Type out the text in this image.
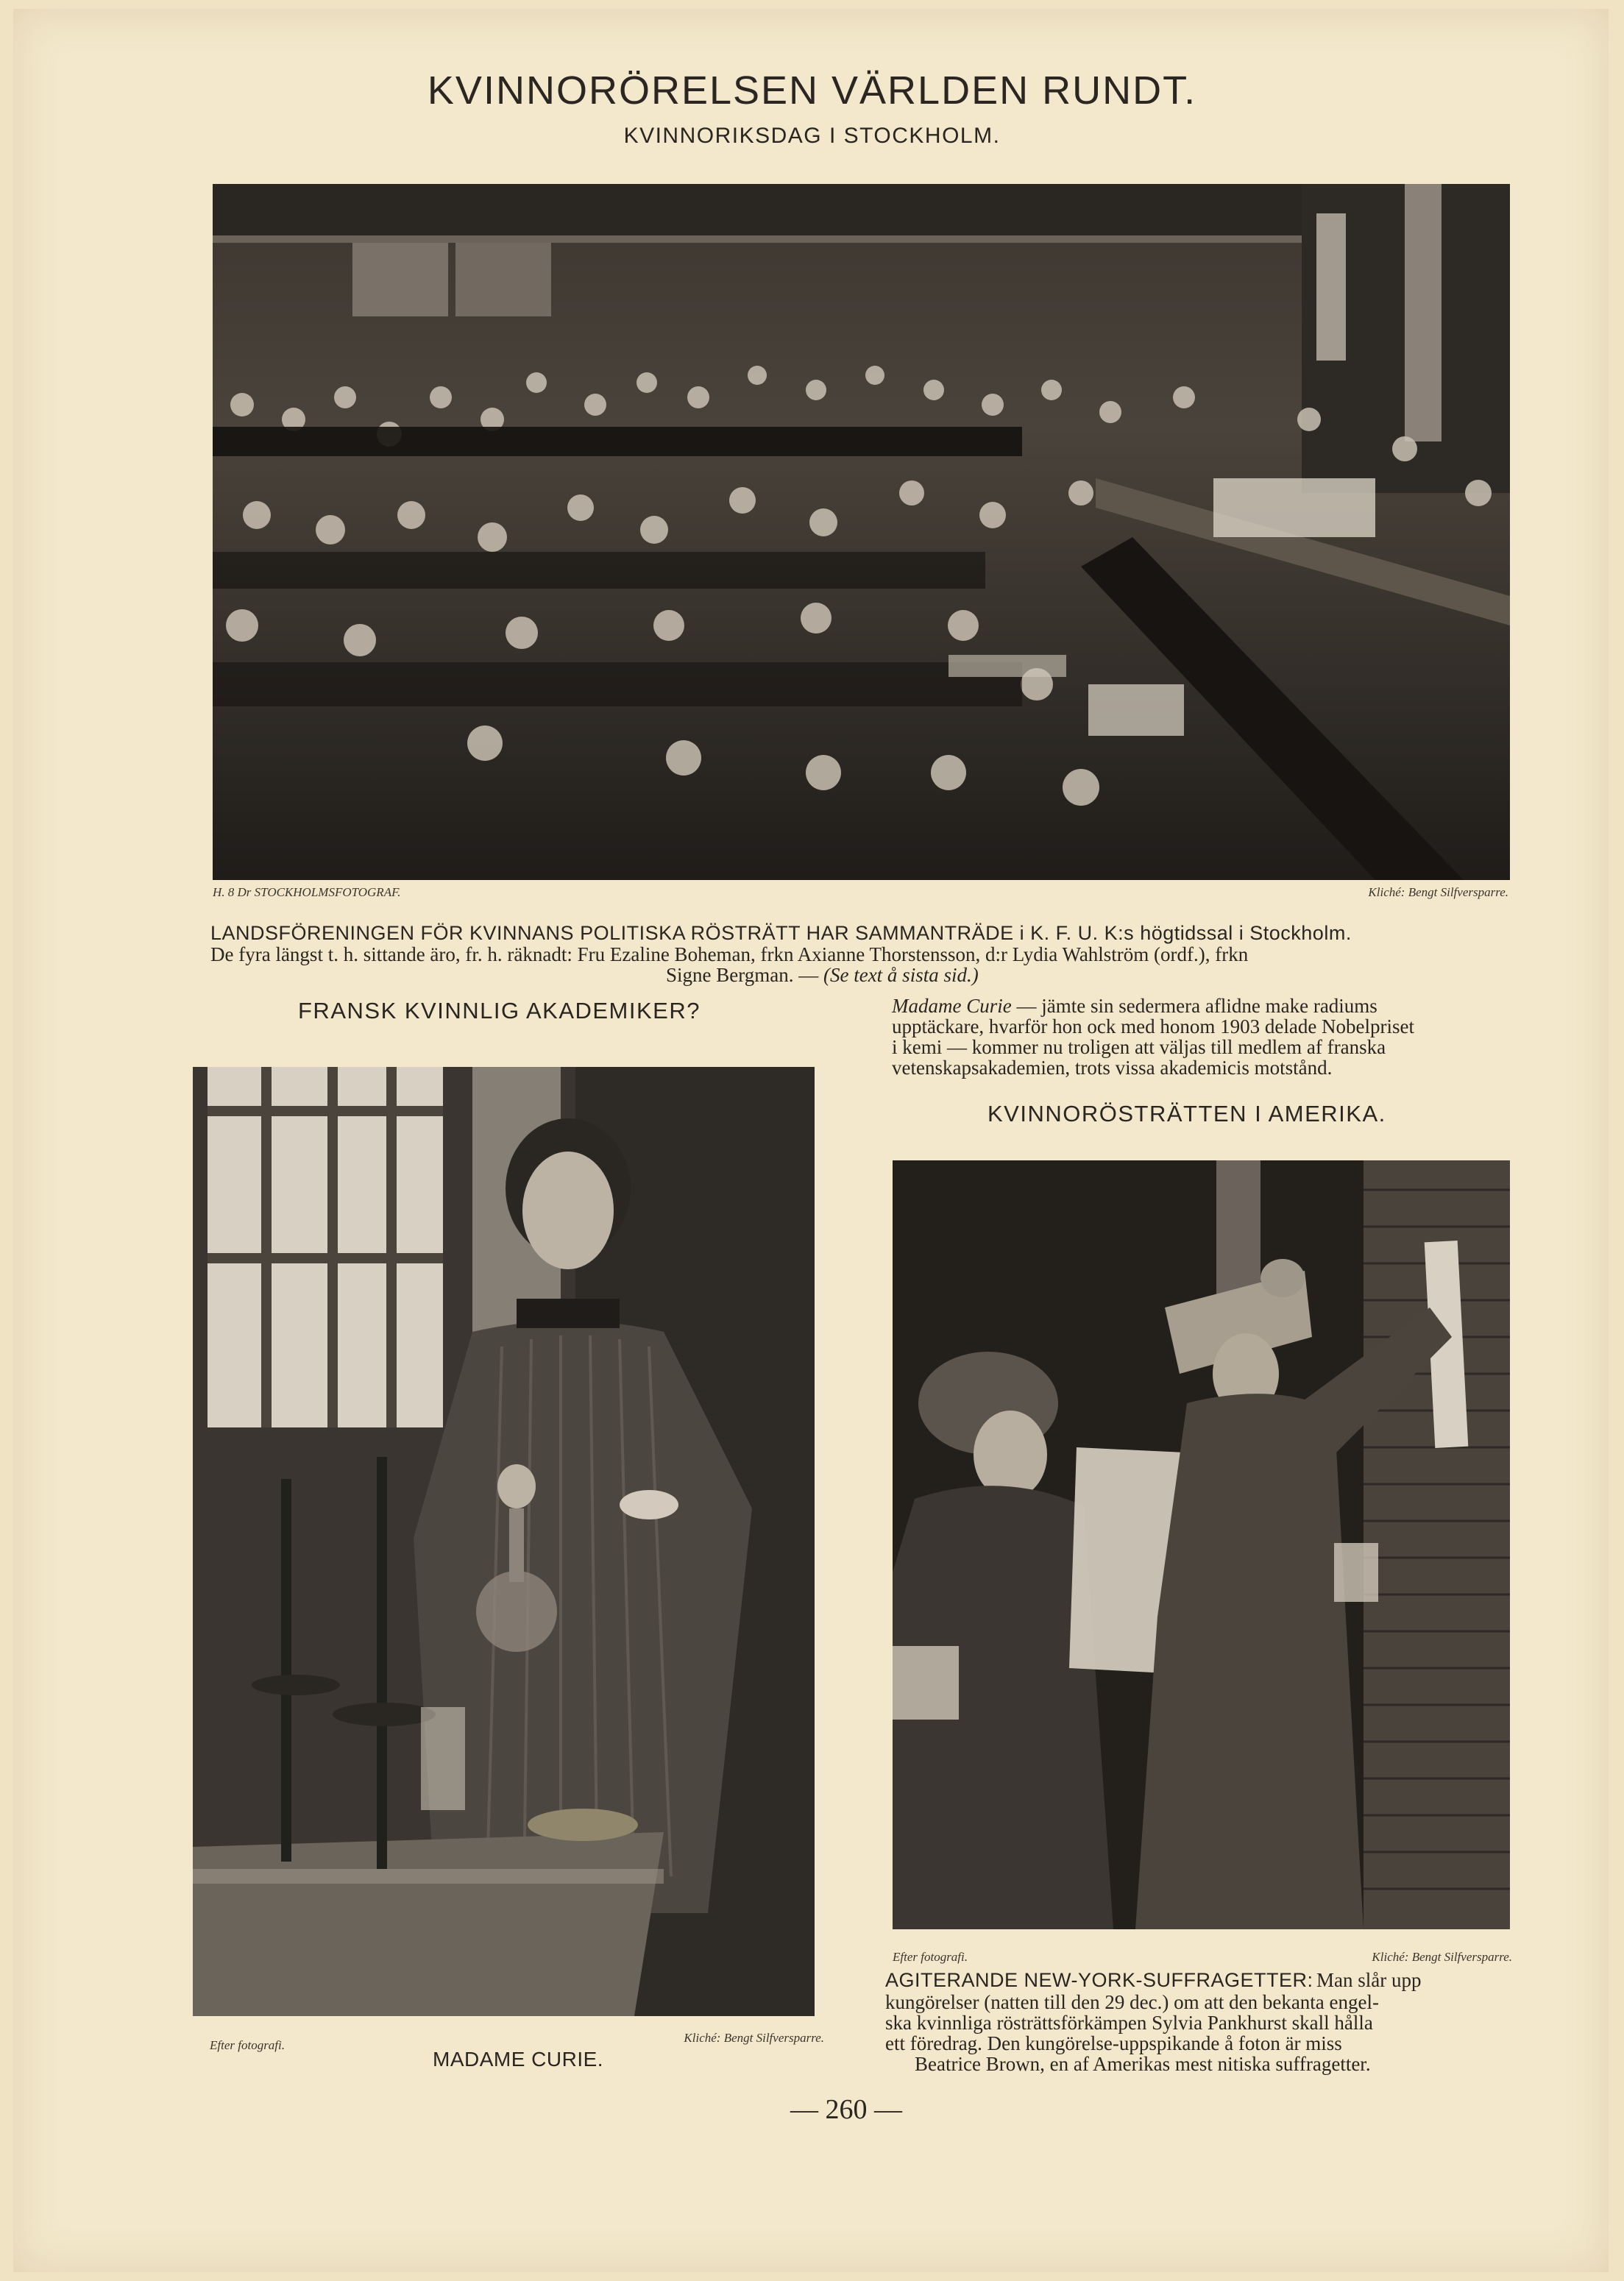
KVINNORÖRELSEN VÄRLDEN RUNDT.
KVINNORIKSDAG I STOCKHOLM.
H. 8 Dr STOCKHOLMSFOTOGRAF.	Kliché: Bengt Silfversparre.
LANDSFÖRENINGEN FÖR KVINNANS POLITISKA RÖSTRÄTT HAR SAMMANTRÄDE i K. F. U. K:s högtidssal i Stockholm.
De fyra längst t. h. sittande äro, fr. h. räknadt: Fru Ezaline Boheman, frkn Axianne Thorstensson, d:r Lydia Wahlström (ordf.), frkn
Signe Bergman. — (Se text å sista sid.)
FRANSK KVINNLIG AKADEMIKER?	Madame Curie — jämte sin sedermera aflidne make radiums
upptäckare, hvarför hon ock med honom 1903 delade Nobelpriset
i kemi — kommer nu troligen att väljas till medlem af franska
vetenskapsakademien, trots vissa akademicis motstånd.
Efter fotografi.
Kliché: Bengt Silfversparre.
MADAME CURIE.
KVINNORÖSTRÄTTEN I AMERIKA.
Efter fotografi.	Kliché: Bengt Silfversparre.
AGITERANDE NEW-YORK-SUFFRAGETTER: Man slår upp
kungörelser (natten till den 29 dec.) om att den bekanta engel-
ska kvinnliga rösträttsförkämpen Sylvia Pankhurst skall hålla
ett föredrag. Den kungörelse-uppspikande å foton är miss
Beatrice Brown, en af Amerikas mest nitiska suffragetter.
— 260 —
